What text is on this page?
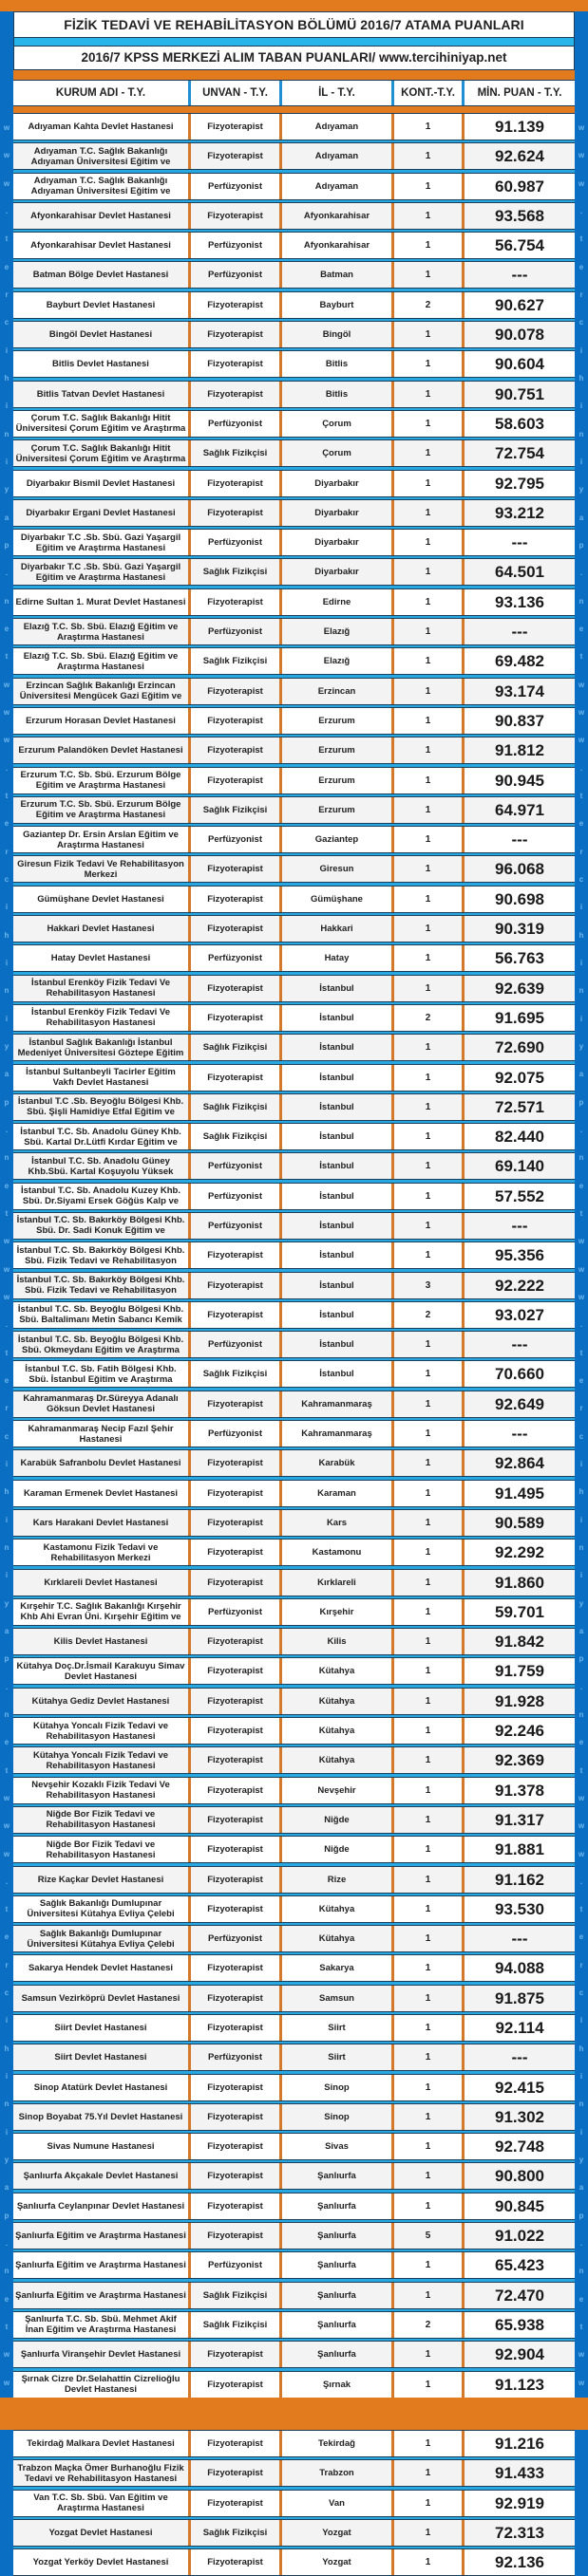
w
w
w
.
t
e
r
c
i
h
i
n
i
y
a
p
.
n
e
t
w
w
w
.
t
e
r
c
i
h
i
n
i
y
a
p
.
n
e
t
w
w
w
.
t
e
r
c
i
h
i
n
i
y
a
p
.
n
e
t
w
w
w
.
t
e
r
c
i
h
i
n
i
y
a
p
.
n
e
t
w
w
w
w
w
.
t
e
r
c
i
h
i
n
i
y
a
p
.
n
e
t
w
w
w
.
t
e
r
c
i
h
i
n
i
y
a
p
.
n
e
t
w
w
w
.
t
e
r
c
i
h
i
n
i
y
a
p
.
n
e
t
w
w
w
.
t
e
r
c
i
h
i
n
i
y
a
p
.
n
e
t
w
w
FİZİK TEDAVİ VE REHABİLİTASYON BÖLÜMÜ 2016/7 ATAMA PUANLARI
2016/7 KPSS MERKEZİ ALIM TABAN PUANLARI/ www.tercihiniyap.net
KURUM ADI - T.Y.	UNVAN - T.Y.	İL - T.Y.	KONT.-T.Y.	MİN. PUAN - T.Y.
Adıyaman Kahta Devlet Hastanesi	Fizyoterapist	Adıyaman	1	91.139
Adıyaman T.C. Sağlık Bakanlığı Adıyaman Üniversitesi Eğitim ve	Fizyoterapist	Adıyaman	1	92.624
Adıyaman T.C. Sağlık Bakanlığı Adıyaman Üniversitesi Eğitim ve	Perfüzyonist	Adıyaman	1	60.987
Afyonkarahisar Devlet Hastanesi	Fizyoterapist	Afyonkarahisar	1	93.568
Afyonkarahisar Devlet Hastanesi	Perfüzyonist	Afyonkarahisar	1	56.754
Batman Bölge Devlet Hastanesi	Perfüzyonist	Batman	1	---
Bayburt Devlet Hastanesi	Fizyoterapist	Bayburt	2	90.627
Bingöl Devlet Hastanesi	Fizyoterapist	Bingöl	1	90.078
Bitlis Devlet Hastanesi	Fizyoterapist	Bitlis	1	90.604
Bitlis Tatvan Devlet Hastanesi	Fizyoterapist	Bitlis	1	90.751
Çorum T.C. Sağlık Bakanlığı Hitit Üniversitesi Çorum Eğitim ve Araştırma	Perfüzyonist	Çorum	1	58.603
Çorum T.C. Sağlık Bakanlığı Hitit Üniversitesi Çorum Eğitim ve Araştırma	Sağlık Fizikçisi	Çorum	1	72.754
Diyarbakır Bismil Devlet Hastanesi	Fizyoterapist	Diyarbakır	1	92.795
Diyarbakır Ergani Devlet Hastanesi	Fizyoterapist	Diyarbakır	1	93.212
Diyarbakır T.C .Sb. Sbü. Gazi Yaşargil Eğitim ve Araştırma Hastanesi	Perfüzyonist	Diyarbakır	1	---
Diyarbakır T.C .Sb. Sbü. Gazi Yaşargil Eğitim ve Araştırma Hastanesi	Sağlık Fizikçisi	Diyarbakır	1	64.501
Edirne Sultan 1. Murat Devlet Hastanesi	Fizyoterapist	Edirne	1	93.136
Elazığ T.C. Sb. Sbü. Elazığ Eğitim ve Araştırma Hastanesi	Perfüzyonist	Elazığ	1	---
Elazığ T.C. Sb. Sbü. Elazığ Eğitim ve Araştırma Hastanesi	Sağlık Fizikçisi	Elazığ	1	69.482
Erzincan Sağlık Bakanlığı Erzincan Üniversitesi Mengücek Gazi Eğitim ve	Fizyoterapist	Erzincan	1	93.174
Erzurum Horasan Devlet Hastanesi	Fizyoterapist	Erzurum	1	90.837
Erzurum Palandöken Devlet Hastanesi	Fizyoterapist	Erzurum	1	91.812
Erzurum T.C. Sb. Sbü. Erzurum Bölge Eğitim ve Araştırma Hastanesi	Fizyoterapist	Erzurum	1	90.945
Erzurum T.C. Sb. Sbü. Erzurum Bölge Eğitim ve Araştırma Hastanesi	Sağlık Fizikçisi	Erzurum	1	64.971
Gaziantep Dr. Ersin Arslan Eğitim ve Araştırma Hastanesi	Perfüzyonist	Gaziantep	1	---
Giresun Fizik Tedavi Ve Rehabilitasyon Merkezi	Fizyoterapist	Giresun	1	96.068
Gümüşhane Devlet Hastanesi	Fizyoterapist	Gümüşhane	1	90.698
Hakkari Devlet Hastanesi	Fizyoterapist	Hakkari	1	90.319
Hatay Devlet Hastanesi	Perfüzyonist	Hatay	1	56.763
İstanbul Erenköy Fizik Tedavi Ve Rehabilitasyon Hastanesi	Fizyoterapist	İstanbul	1	92.639
İstanbul Erenköy Fizik Tedavi Ve Rehabilitasyon Hastanesi	Fizyoterapist	İstanbul	2	91.695
İstanbul Sağlık Bakanlığı İstanbul Medeniyet Üniversitesi Göztepe Eğitim	Sağlık Fizikçisi	İstanbul	1	72.690
İstanbul Sultanbeyli Tacirler Eğitim Vakfı Devlet Hastanesi	Fizyoterapist	İstanbul	1	92.075
İstanbul T.C .Sb. Beyoğlu Bölgesi Khb. Sbü. Şişli Hamidiye Etfal Eğitim ve	Sağlık Fizikçisi	İstanbul	1	72.571
İstanbul T.C. Sb. Anadolu Güney Khb. Sbü. Kartal Dr.Lütfi Kırdar Eğitim ve	Sağlık Fizikçisi	İstanbul	1	82.440
İstanbul T.C. Sb. Anadolu Güney Khb.Sbü. Kartal Koşuyolu Yüksek	Perfüzyonist	İstanbul	1	69.140
İstanbul T.C. Sb. Anadolu Kuzey Khb. Sbü. Dr.Siyami Ersek Göğüs Kalp ve	Perfüzyonist	İstanbul	1	57.552
İstanbul T.C. Sb. Bakırköy Bölgesi Khb. Sbü. Dr. Sadi Konuk Eğitim ve	Perfüzyonist	İstanbul	1	---
İstanbul T.C. Sb. Bakırköy Bölgesi Khb. Sbü. Fizik Tedavi ve Rehabilitasyon	Fizyoterapist	İstanbul	1	95.356
İstanbul T.C. Sb. Bakırköy Bölgesi Khb. Sbü. Fizik Tedavi ve Rehabilitasyon	Fizyoterapist	İstanbul	3	92.222
İstanbul T.C. Sb. Beyoğlu Bölgesi Khb. Sbü. Baltalimanı Metin Sabancı Kemik	Fizyoterapist	İstanbul	2	93.027
İstanbul T.C. Sb. Beyoğlu Bölgesi Khb. Sbü. Okmeydanı Eğitim ve Araştırma	Perfüzyonist	İstanbul	1	---
İstanbul T.C. Sb. Fatih Bölgesi Khb. Sbü. İstanbul Eğitim ve Araştırma	Sağlık Fizikçisi	İstanbul	1	70.660
Kahramanmaraş Dr.Süreyya Adanalı Göksun Devlet Hastanesi	Fizyoterapist	Kahramanmaraş	1	92.649
Kahramanmaraş Necip Fazıl Şehir Hastanesi	Perfüzyonist	Kahramanmaraş	1	---
Karabük Safranbolu Devlet Hastanesi	Fizyoterapist	Karabük	1	92.864
Karaman Ermenek Devlet Hastanesi	Fizyoterapist	Karaman	1	91.495
Kars Harakani Devlet Hastanesi	Fizyoterapist	Kars	1	90.589
Kastamonu Fizik Tedavi ve Rehabilitasyon Merkezi	Fizyoterapist	Kastamonu	1	92.292
Kırklareli Devlet Hastanesi	Fizyoterapist	Kırklareli	1	91.860
Kırşehir T.C. Sağlık Bakanlığı Kırşehir Khb Ahi Evran Üni. Kırşehir Eğitim ve	Perfüzyonist	Kırşehir	1	59.701
Kilis Devlet Hastanesi	Fizyoterapist	Kilis	1	91.842
Kütahya Doç.Dr.İsmail Karakuyu Simav Devlet Hastanesi	Fizyoterapist	Kütahya	1	91.759
Kütahya Gediz Devlet Hastanesi	Fizyoterapist	Kütahya	1	91.928
Kütahya Yoncalı Fizik Tedavi ve Rehabilitasyon Hastanesi	Fizyoterapist	Kütahya	1	92.246
Kütahya Yoncalı Fizik Tedavi ve Rehabilitasyon Hastanesi	Fizyoterapist	Kütahya	1	92.369
Nevşehir Kozaklı Fizik Tedavi Ve Rehabilitasyon Hastanesi	Fizyoterapist	Nevşehir	1	91.378
Niğde Bor Fizik Tedavi ve Rehabilitasyon Hastanesi	Fizyoterapist	Niğde	1	91.317
Niğde Bor Fizik Tedavi ve Rehabilitasyon Hastanesi	Fizyoterapist	Niğde	1	91.881
Rize Kaçkar Devlet Hastanesi	Fizyoterapist	Rize	1	91.162
Sağlık Bakanlığı Dumlupınar Üniversitesi Kütahya Evliya Çelebi	Fizyoterapist	Kütahya	1	93.530
Sağlık Bakanlığı Dumlupınar Üniversitesi Kütahya Evliya Çelebi	Perfüzyonist	Kütahya	1	---
Sakarya Hendek Devlet Hastanesi	Fizyoterapist	Sakarya	1	94.088
Samsun Vezirköprü Devlet Hastanesi	Fizyoterapist	Samsun	1	91.875
Siirt Devlet Hastanesi	Fizyoterapist	Siirt	1	92.114
Siirt Devlet Hastanesi	Perfüzyonist	Siirt	1	---
Sinop Atatürk Devlet Hastanesi	Fizyoterapist	Sinop	1	92.415
Sinop Boyabat 75.Yıl Devlet Hastanesi	Fizyoterapist	Sinop	1	91.302
Sivas Numune Hastanesi	Fizyoterapist	Sivas	1	92.748
Şanlıurfa Akçakale Devlet Hastanesi	Fizyoterapist	Şanlıurfa	1	90.800
Şanlıurfa Ceylanpınar Devlet Hastanesi	Fizyoterapist	Şanlıurfa	1	90.845
Şanlıurfa Eğitim ve Araştırma Hastanesi	Fizyoterapist	Şanlıurfa	5	91.022
Şanlıurfa Eğitim ve Araştırma Hastanesi	Perfüzyonist	Şanlıurfa	1	65.423
Şanlıurfa Eğitim ve Araştırma Hastanesi	Sağlık Fizikçisi	Şanlıurfa	1	72.470
Şanlıurfa T.C. Sb. Sbü. Mehmet Akif İnan Eğitim ve Araştırma Hastanesi	Sağlık Fizikçisi	Şanlıurfa	2	65.938
Şanlıurfa Viranşehir Devlet Hastanesi	Fizyoterapist	Şanlıurfa	1	92.904
Şırnak Cizre Dr.Selahattin Cizrelioğlu Devlet Hastanesi	Fizyoterapist	Şırnak	1	91.123
Tekirdağ Malkara Devlet Hastanesi	Fizyoterapist	Tekirdağ	1	91.216
Trabzon Maçka Ömer Burhanoğlu Fizik Tedavi ve Rehabilitasyon Hastanesi	Fizyoterapist	Trabzon	1	91.433
Van T.C. Sb. Sbü. Van Eğitim ve Araştırma Hastanesi	Fizyoterapist	Van	1	92.919
Yozgat Devlet Hastanesi	Sağlık Fizikçisi	Yozgat	1	72.313
Yozgat Yerköy Devlet Hastanesi	Fizyoterapist	Yozgat	1	92.136
